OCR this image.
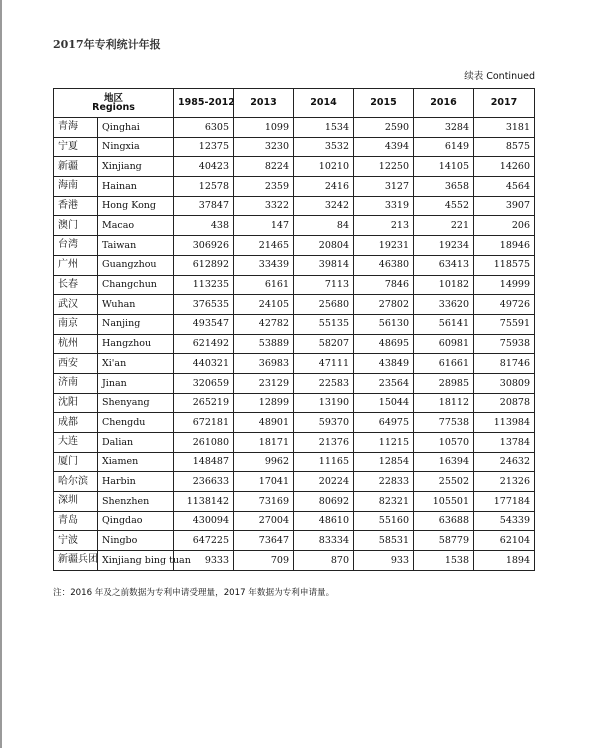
2017年专利统计年报
续表 Continued
地区
Regions		1985-2012	2013	2014	2015	2016	2017
青海	Qinghai	6305	1099	1534	2590	3284	3181
宁夏	Ningxia	12375	3230	3532	4394	6149	8575
新疆	Xinjiang	40423	8224	10210	12250	14105	14260
海南	Hainan	12578	2359	2416	3127	3658	4564
香港	Hong Kong	37847	3322	3242	3319	4552	3907
澳门	Macao	438	147	84	213	221	206
台湾	Taiwan	306926	21465	20804	19231	19234	18946
广州	Guangzhou	612892	33439	39814	46380	63413	118575
长春	Changchun	113235	6161	7113	7846	10182	14999
武汉	Wuhan	376535	24105	25680	27802	33620	49726
南京	Nanjing	493547	42782	55135	56130	56141	75591
杭州	Hangzhou	621492	53889	58207	48695	60981	75938
西安	Xi'an	440321	36983	47111	43849	61661	81746
济南	Jinan	320659	23129	22583	23564	28985	30809
沈阳	Shenyang	265219	12899	13190	15044	18112	20878
成都	Chengdu	672181	48901	59370	64975	77538	113984
大连	Dalian	261080	18171	21376	11215	10570	13784
厦门	Xiamen	148487	9962	11165	12854	16394	24632
哈尔滨	Harbin	236633	17041	20224	22833	25502	21326
深圳	Shenzhen	1138142	73169	80692	82321	105501	177184
青岛	Qingdao	430094	27004	48610	55160	63688	54339
宁波	Ningbo	647225	73647	83334	58531	58779	62104
新疆兵团	Xinjiang bing tuan	9333	709	870	933	1538	1894
注：2016 年及之前数据为专利申请受理量，2017 年数据为专利申请量。
